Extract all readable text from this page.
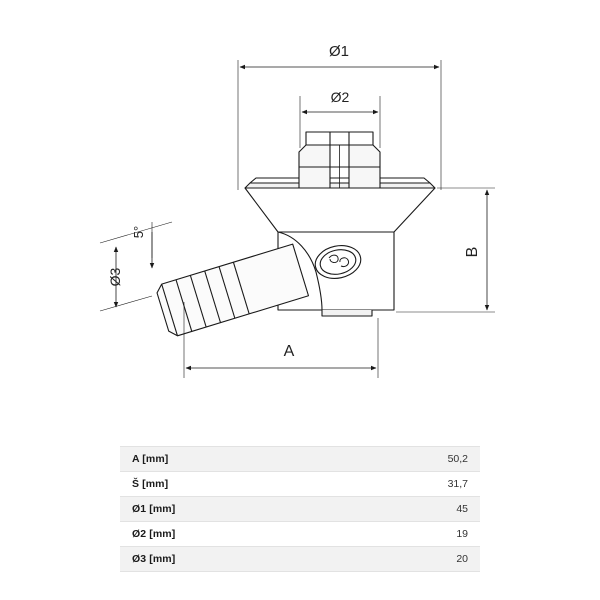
Ø1
Ø2
Ø3
5°
A
B
A [mm]	50,2
Š [mm]	31,7
Ø1 [mm]	45
Ø2 [mm]	19
Ø3 [mm]	20
